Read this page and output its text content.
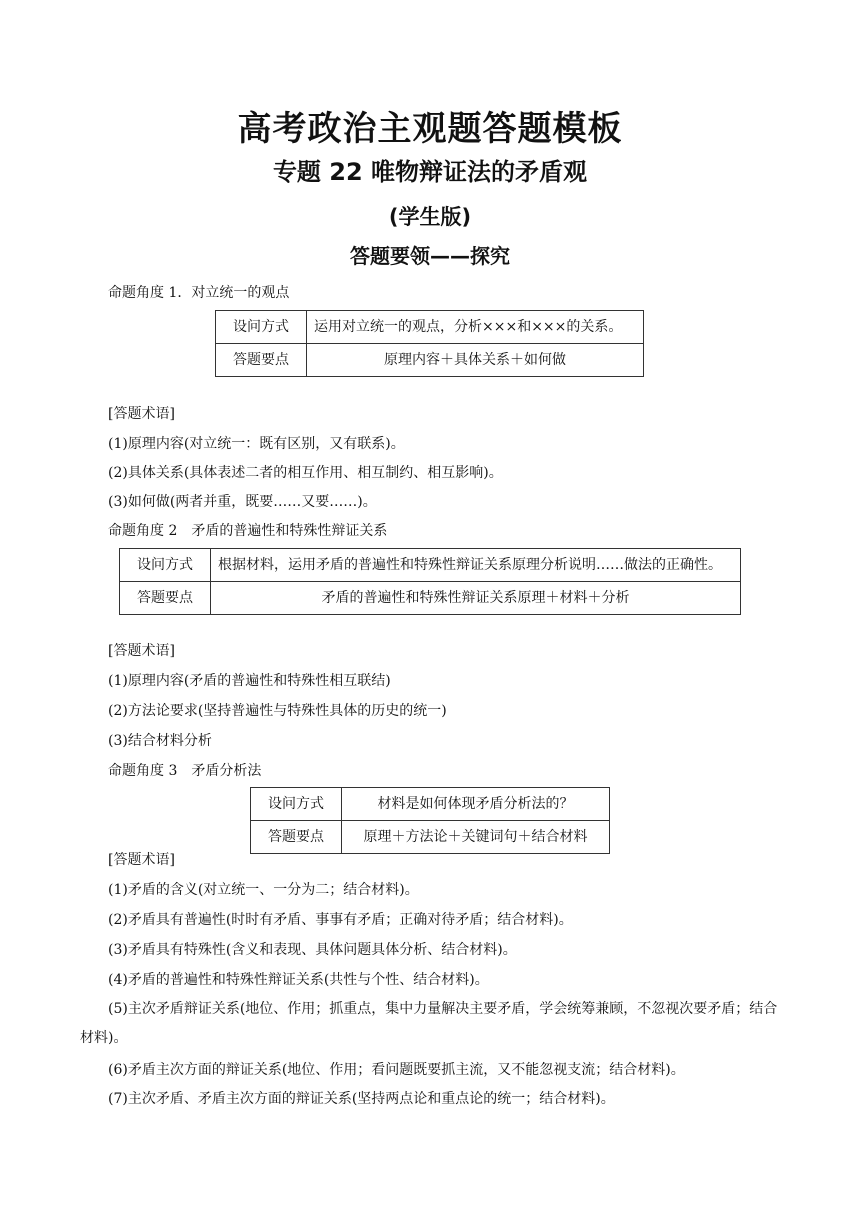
高考政治主观题答题模板
专题 22 唯物辩证法的矛盾观
(学生版)
答题要领——探究
命题角度 1．对立统一的观点
设问方式	运用对立统一的观点，分析×××和×××的关系。
答题要点	原理内容＋具体关系＋如何做
[答题术语]
(1)原理内容(对立统一：既有区别，又有联系)。
(2)具体关系(具体表述二者的相互作用、相互制约、相互影响)。
(3)如何做(两者并重，既要……又要……)。
命题角度 2　矛盾的普遍性和特殊性辩证关系
设问方式	根据材料，运用矛盾的普遍性和特殊性辩证关系原理分析说明……做法的正确性。
答题要点	矛盾的普遍性和特殊性辩证关系原理＋材料＋分析
[答题术语]
(1)原理内容(矛盾的普遍性和特殊性相互联结)
(2)方法论要求(坚持普遍性与特殊性具体的历史的统一)
(3)结合材料分析
命题角度 3　矛盾分析法
设问方式	材料是如何体现矛盾分析法的？
答题要点	原理＋方法论＋关键词句＋结合材料
[答题术语]
(1)矛盾的含义(对立统一、一分为二；结合材料)。
(2)矛盾具有普遍性(时时有矛盾、事事有矛盾；正确对待矛盾；结合材料)。
(3)矛盾具有特殊性(含义和表现、具体问题具体分析、结合材料)。
(4)矛盾的普遍性和特殊性辩证关系(共性与个性、结合材料)。
(5)主次矛盾辩证关系(地位、作用；抓重点，集中力量解决主要矛盾，学会统筹兼顾，不忽视次要矛盾；结合材料)。
(6)矛盾主次方面的辩证关系(地位、作用；看问题既要抓主流，又不能忽视支流；结合材料)。
(7)主次矛盾、矛盾主次方面的辩证关系(坚持两点论和重点论的统一；结合材料)。
